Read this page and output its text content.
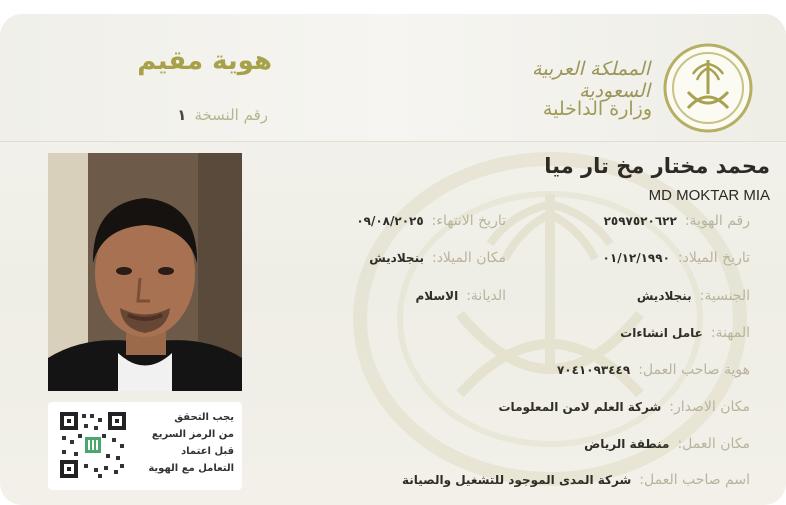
هوية مقيم
رقم النسخة
١
المملكة العربية السعودية
وزارة الداخلية
يجب التحقق
من الرمز السريع
قبل اعتماد
التعامل مع الهوية
محمد مختار مخ تار ميا
MD MOKTAR MIA
رقم الهوية:
٢٥٩٧٥٢٠٦٢٢
تاريخ الميلاد:
٠١/١٢/١٩٩٠
الجنسية:
بنجلاديش
المهنة:
عامل انشاءات
هوية صاحب العمل:
٧٠٤١٠٩٣٤٤٩
مكان الاصدار:
شركة العلم لامن المعلومات
مكان العمل:
منطقة الرياض
اسم صاحب العمل:
شركة المدى الموجود للتشغيل والصيانة
تاريخ الانتهاء:
٠٩/٠٨/٢٠٢٥
مكان الميلاد:
بنجلاديش
الديانة:
الاسلام
